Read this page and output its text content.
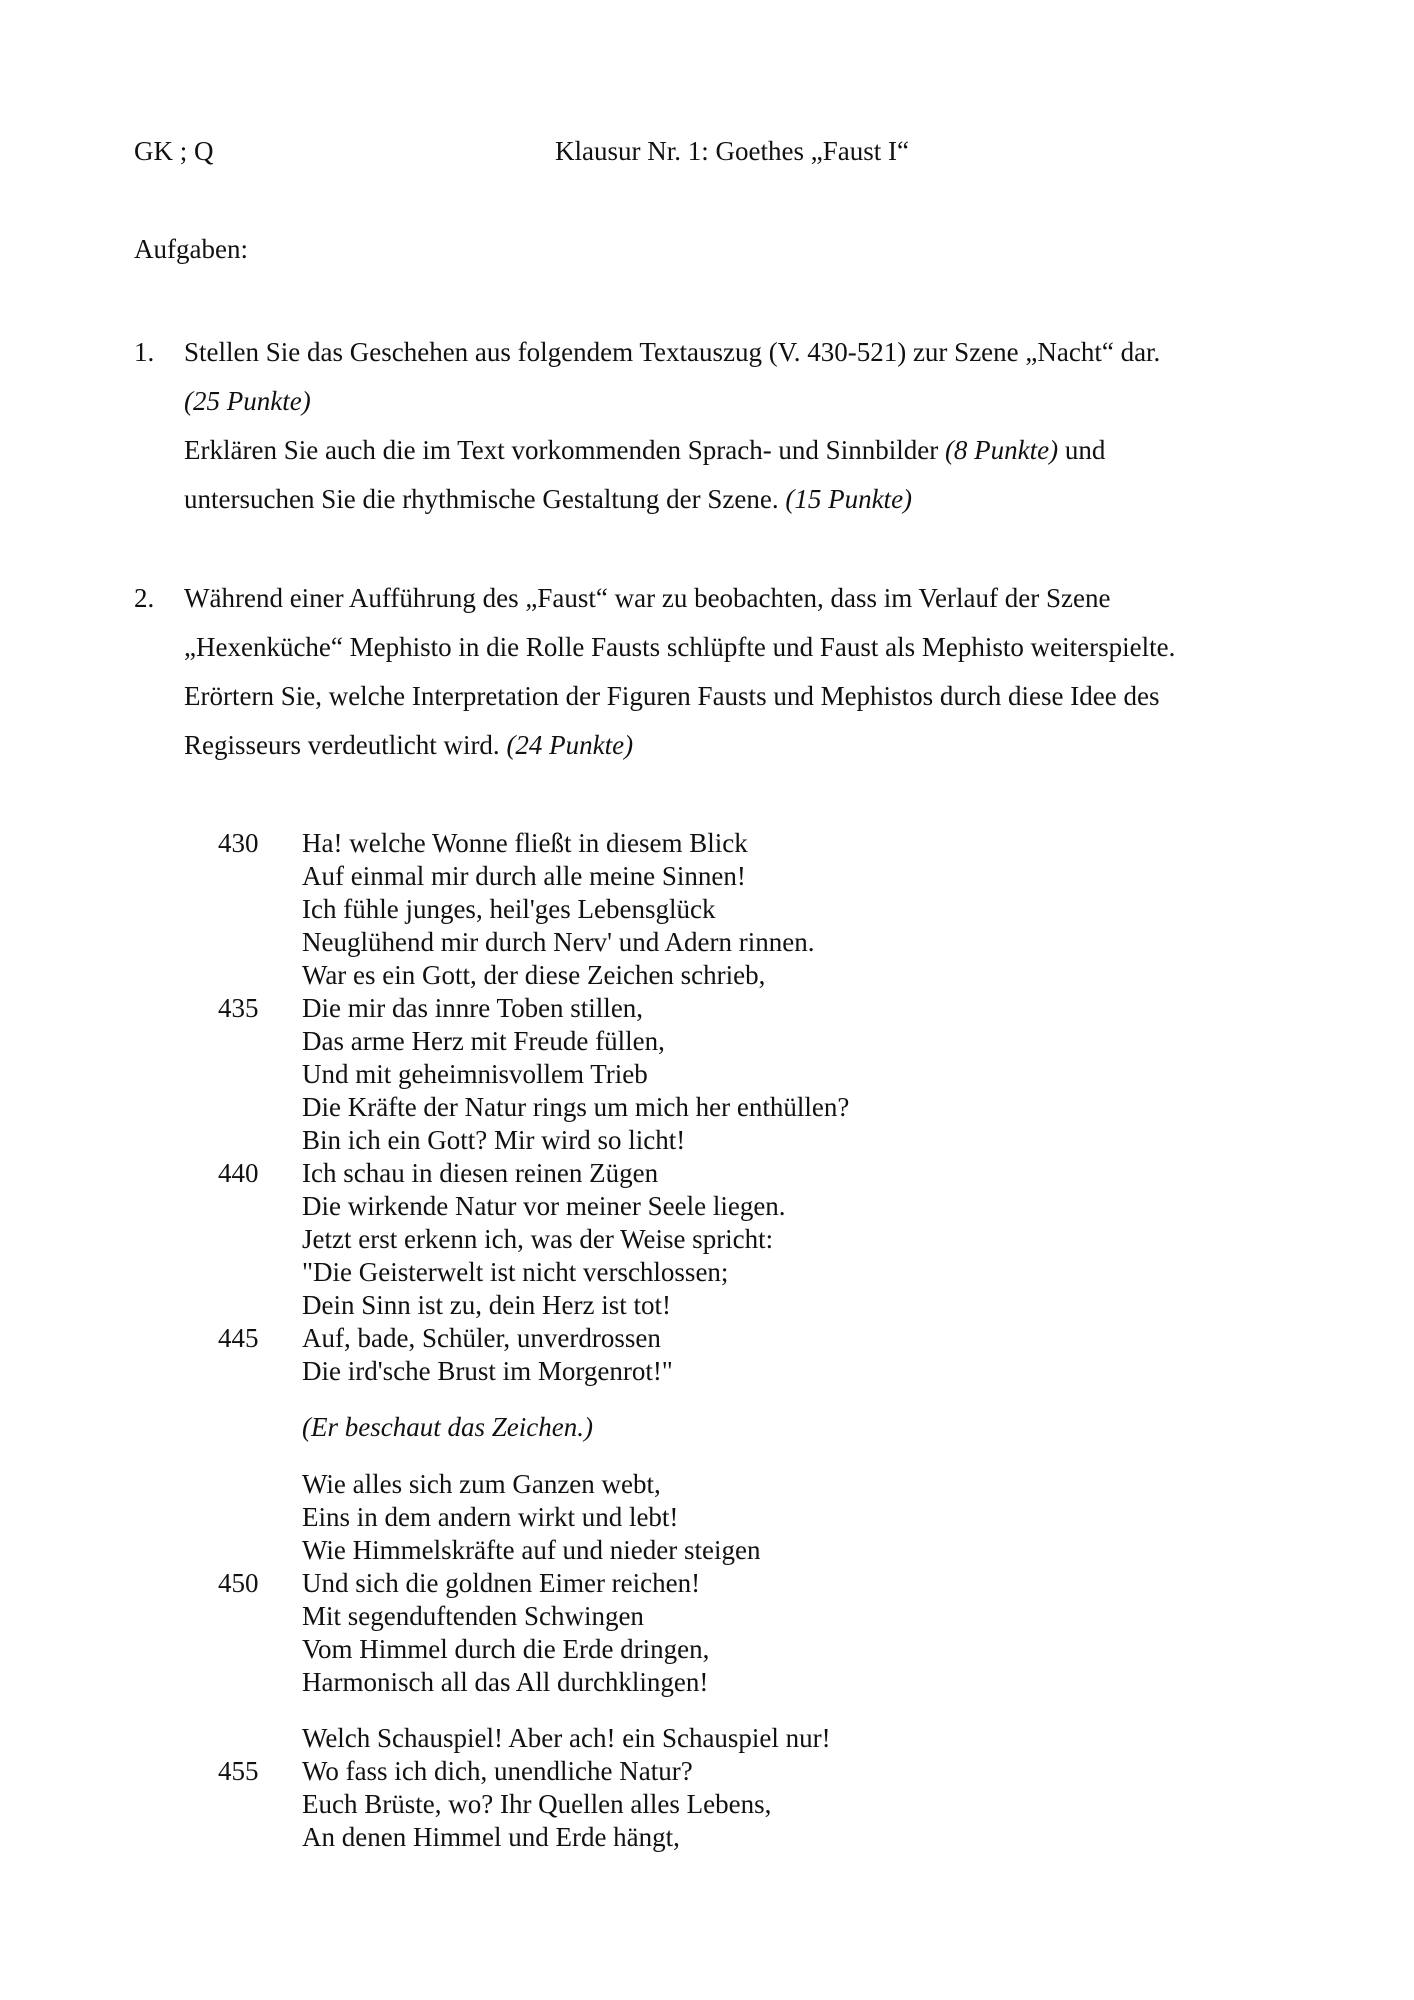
GK ; Q	Klausur Nr. 1: Goethes „Faust I“
Aufgaben:
1. Stellen Sie das Geschehen aus folgendem Textauszug (V. 430-521) zur Szene „Nacht“ dar.
(25 Punkte)
Erklären Sie auch die im Text vorkommenden Sprach- und Sinnbilder (8 Punkte) und
untersuchen Sie die rhythmische Gestaltung der Szene. (15 Punkte)
2. Während einer Aufführung des „Faust“ war zu beobachten, dass im Verlauf der Szene
„Hexenküche“ Mephisto in die Rolle Fausts schlüpfte und Faust als Mephisto weiterspielte.
Erörtern Sie, welche Interpretation der Figuren Fausts und Mephistos durch diese Idee des
Regisseurs verdeutlicht wird. (24 Punkte)
430	Ha! welche Wonne fließt in diesem Blick
Auf einmal mir durch alle meine Sinnen!
Ich fühle junges, heil'ges Lebensglück
Neuglühend mir durch Nerv' und Adern rinnen.
War es ein Gott, der diese Zeichen schrieb,
435	Die mir das innre Toben stillen,
Das arme Herz mit Freude füllen,
Und mit geheimnisvollem Trieb
Die Kräfte der Natur rings um mich her enthüllen?
Bin ich ein Gott? Mir wird so licht!
440	Ich schau in diesen reinen Zügen
Die wirkende Natur vor meiner Seele liegen.
Jetzt erst erkenn ich, was der Weise spricht:
"Die Geisterwelt ist nicht verschlossen;
Dein Sinn ist zu, dein Herz ist tot!
445	Auf, bade, Schüler, unverdrossen
Die ird'sche Brust im Morgenrot!"
(Er beschaut das Zeichen.)
Wie alles sich zum Ganzen webt,
Eins in dem andern wirkt und lebt!
Wie Himmelskräfte auf und nieder steigen
450	Und sich die goldnen Eimer reichen!
Mit segenduftenden Schwingen
Vom Himmel durch die Erde dringen,
Harmonisch all das All durchklingen!
Welch Schauspiel! Aber ach! ein Schauspiel nur!
455	Wo fass ich dich, unendliche Natur?
Euch Brüste, wo? Ihr Quellen alles Lebens,
An denen Himmel und Erde hängt,
